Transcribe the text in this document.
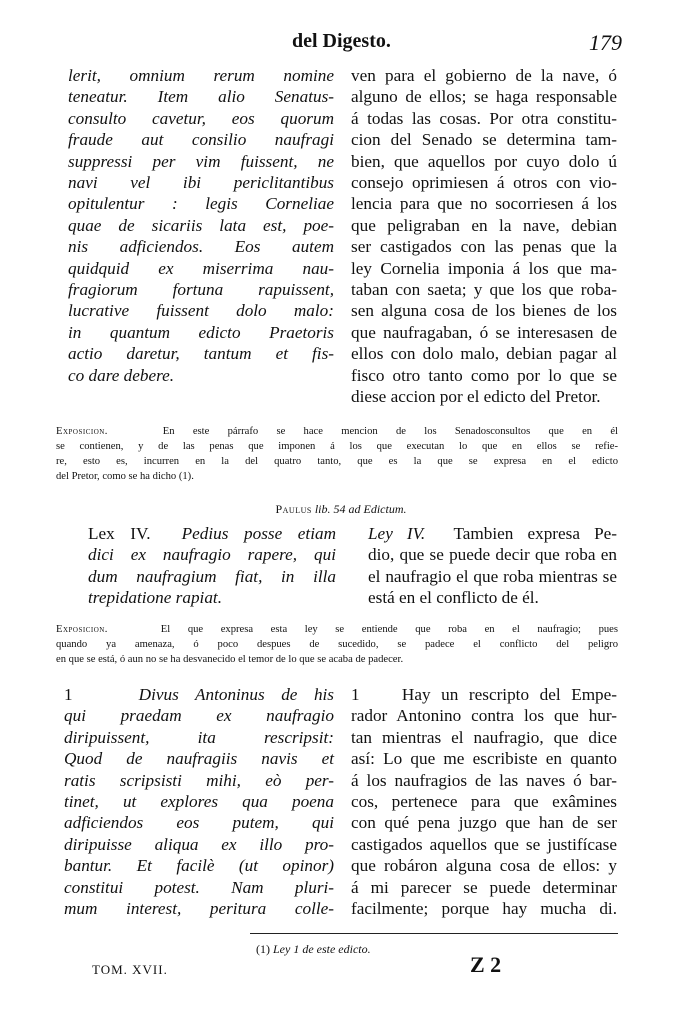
del Digesto.	179
lerit, omnium rerum nomine
teneatur. Item alio Senatus-
consulto cavetur, eos quorum
fraude aut consilio naufragi
suppressi per vim fuissent, ne
navi vel ibi periclitantibus
opitulentur : legis Corneliae
quae de sicariis lata est, poe-
nis adficiendos. Eos autem
quidquid ex miserrima nau-
fragiorum fortuna rapuissent,
lucrative fuissent dolo malo:
in quantum edicto Praetoris
actio daretur, tantum et fis-
co dare debere.
ven para el gobierno de la nave, ó
alguno de ellos; se haga responsable
á todas las cosas. Por otra constitu-
cion del Senado se determina tam-
bien, que aquellos por cuyo dolo ú
consejo oprimiesen á otros con vio-
lencia para que no socorriesen á los
que peligraban en la nave, debian
ser castigados con las penas que la
ley Cornelia imponia á los que ma-
taban con saeta; y que los que roba-
sen alguna cosa de los bienes de los
que naufragaban, ó se interesasen de
ellos con dolo malo, debian pagar al
fisco otro tanto como por lo que se
diese accion por el edicto del Pretor.
Exposicion.	En este párrafo se hace mencion de los Senadosconsultos que en él
se contienen, y de las penas que imponen á los que executan lo que en ellos se refie-
re, esto es, incurren en la del quatro tanto, que es la que se expresa en el edicto
del Pretor, como se ha dicho (1).
Paulus lib. 54 ad Edictum.
Lex IV. Pedius posse etiam
dici ex naufragio rapere, qui
dum naufragium fiat, in illa
trepidatione rapiat.
Ley IV. Tambien expresa Pe-
dio, que se puede decir que roba en
el naufragio el que roba mientras se
está en el conflicto de él.
Exposicion.	El que expresa esta ley se entiende que roba en el naufragio; pues
quando ya amenaza, ó poco despues de sucedido, se padece el conflicto del peligro
en que se está, ó aun no se ha desvanecido el temor de lo que se acaba de padecer.
1	Divus Antoninus de his
qui praedam ex naufragio
diripuissent, ita rescripsit:
Quod de naufragiis navis et
ratis scripsisti mihi, eò per-
tinet, ut explores qua poena
adficiendos eos putem, qui
diripuisse aliqua ex illo pro-
bantur. Et facilè (ut opinor)
constitui potest. Nam pluri-
mum interest, peritura colle-
1 Hay un rescripto del Empe-
rador Antonino contra los que hur-
tan mientras el naufragio, que dice
así: Lo que me escribiste en quanto
á los naufragios de las naves ó bar-
cos, pertenece para que exâmines
con qué pena juzgo que han de ser
castigados aquellos que se justifícase
que robáron alguna cosa de ellos: y
á mi parecer se puede determinar
facilmente; porque hay mucha di.
(1) Ley 1 de este edicto.
TOM. XVII.	Z 2
